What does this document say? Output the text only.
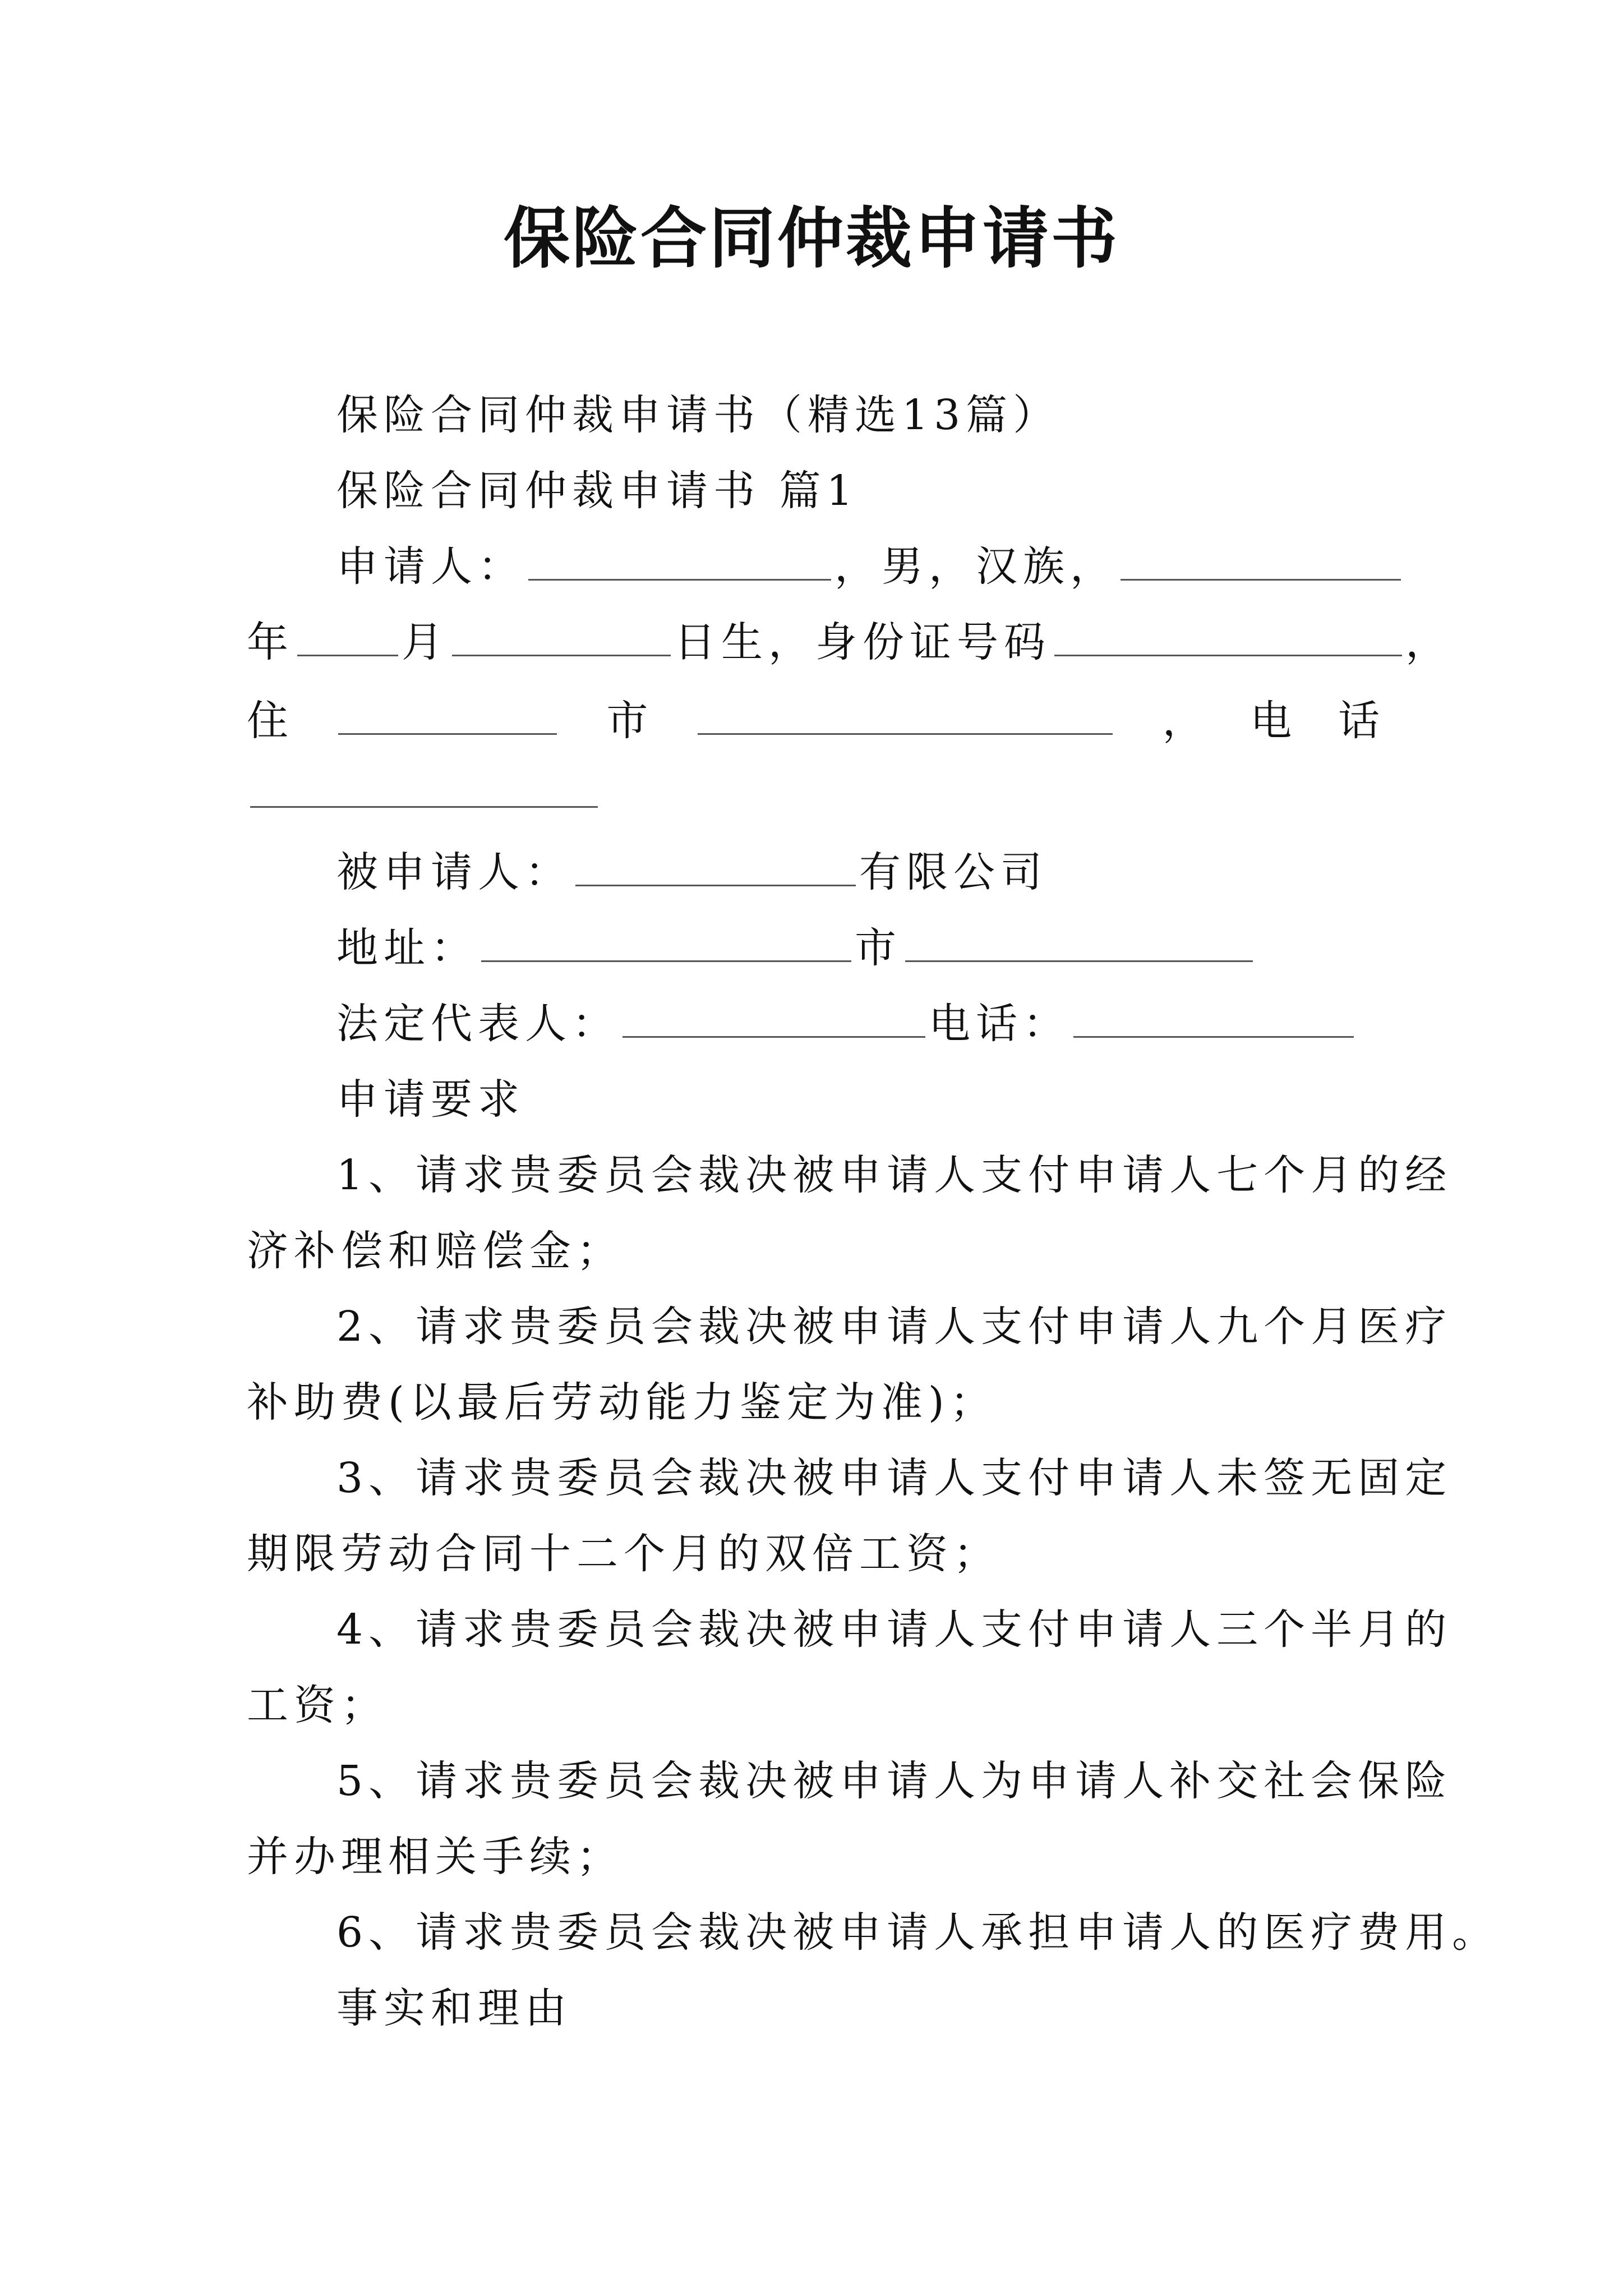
保险合同仲裁申请书
保险合同仲裁申请书（精选13篇）
保险合同仲裁申请书 篇1
申请人：	，男，汉族，
年	月	日生，身份证号码	，
住	市	， 电 话
被申请人：	有限公司
地址：	市
法定代表人：	电话：
申请要求
1、请求贵委员会裁决被申请人支付申请人七个月的经
济补偿和赔偿金；
2、请求贵委员会裁决被申请人支付申请人九个月医疗
补助费(以最后劳动能力鉴定为准)；
3、请求贵委员会裁决被申请人支付申请人未签无固定
期限劳动合同十二个月的双倍工资；
4、请求贵委员会裁决被申请人支付申请人三个半月的
工资；
5、请求贵委员会裁决被申请人为申请人补交社会保险
并办理相关手续；
6、请求贵委员会裁决被申请人承担申请人的医疗费用。
事实和理由
